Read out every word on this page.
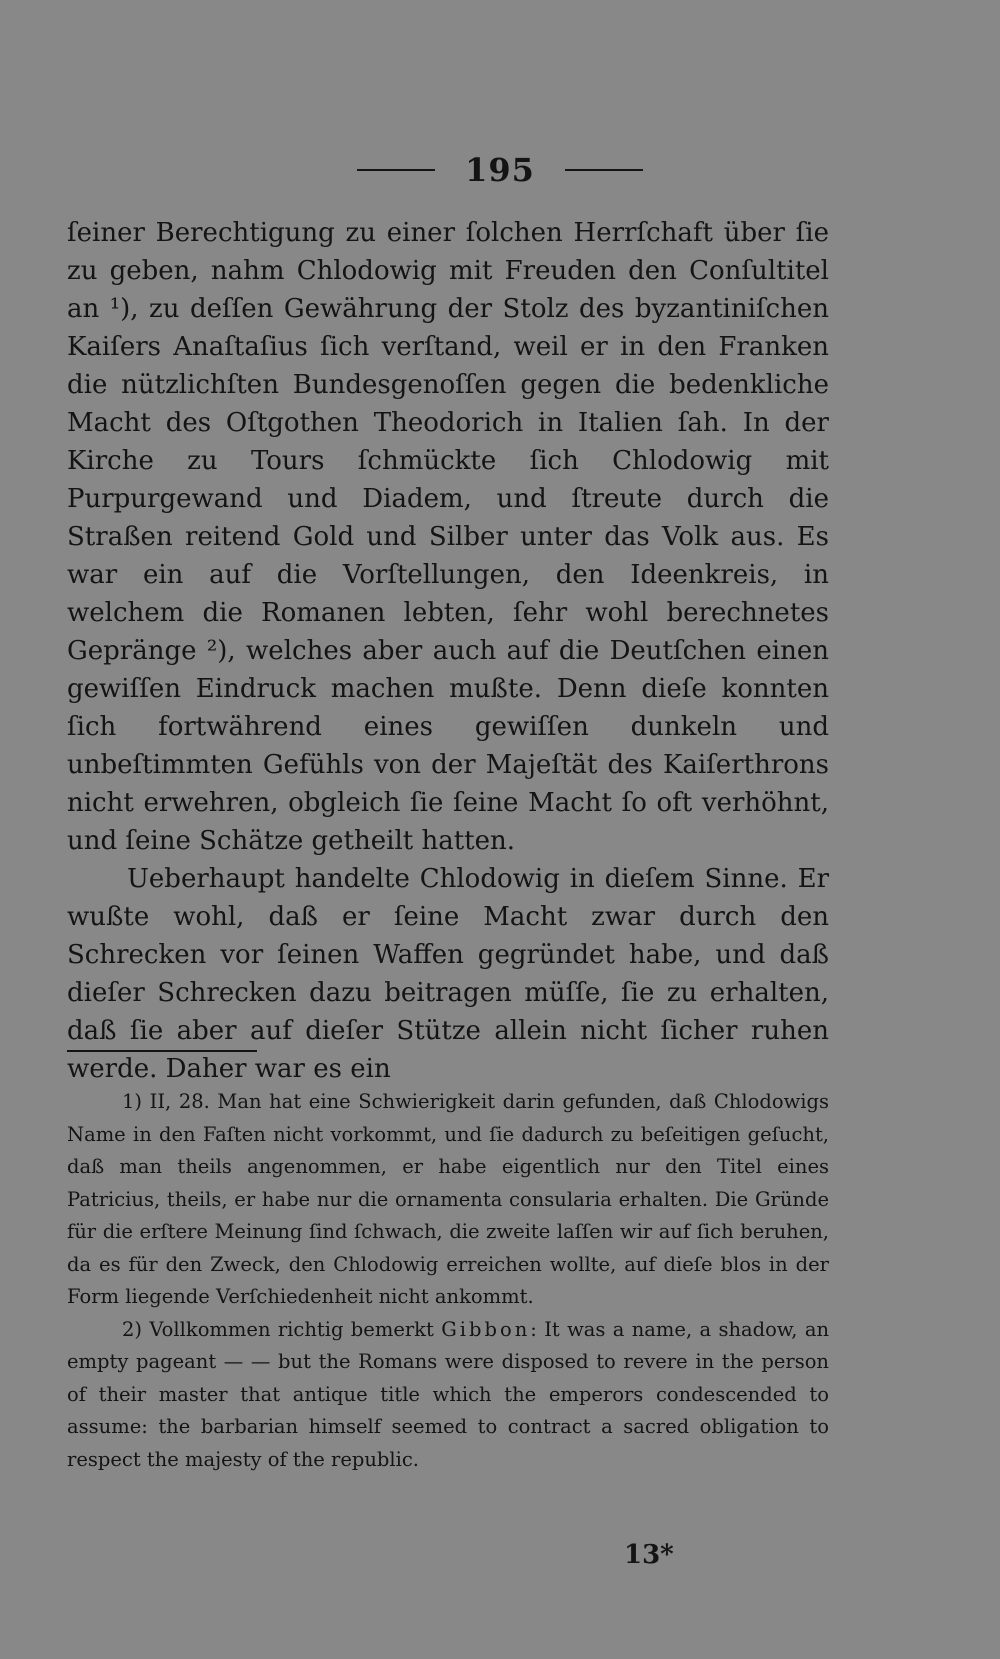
195

ſeiner Berechtigung zu einer ſolchen Herrſchaft über ſie zu geben, nahm Chlodowig mit Freuden den Conſultitel an ¹), zu deſſen Gewährung der Stolz des byzantiniſchen Kaiſers Anaſtaſius ſich verſtand, weil er in den Franken die nützlichſten Bundesgenoſſen gegen die bedenkliche Macht des Oſtgothen Theodorich in Italien ſah. In der Kirche zu Tours ſchmückte ſich Chlodowig mit Purpurgewand und Diadem, und ſtreute durch die Straßen reitend Gold und Silber unter das Volk aus. Es war ein auf die Vorſtellungen, den Ideenkreis, in welchem die Romanen lebten, ſehr wohl berechnetes Gepränge ²), welches aber auch auf die Deutſchen einen gewiſſen Eindruck machen mußte. Denn dieſe konnten ſich fortwährend eines gewiſſen dunkeln und unbeſtimmten Gefühls von der Majeſtät des Kaiſerthrons nicht erwehren, obgleich ſie ſeine Macht ſo oft verhöhnt, und ſeine Schätze getheilt hatten.

Ueberhaupt handelte Chlodowig in dieſem Sinne. Er wußte wohl, daß er ſeine Macht zwar durch den Schrecken vor ſeinen Waffen gegründet habe, und daß dieſer Schrecken dazu beitragen müſſe, ſie zu erhalten, daß ſie aber auf dieſer Stütze allein nicht ſicher ruhen werde. Daher war es ein

1) II, 28. Man hat eine Schwierigkeit darin gefunden, daß Chlodowigs Name in den Faſten nicht vorkommt, und ſie dadurch zu beſeitigen geſucht, daß man theils angenommen, er habe eigentlich nur den Titel eines Patricius, theils, er habe nur die ornamenta consularia erhalten. Die Gründe für die erſtere Meinung ſind ſchwach, die zweite laſſen wir auf ſich beruhen, da es für den Zweck, den Chlodowig erreichen wollte, auf dieſe blos in der Form liegende Verſchiedenheit nicht ankommt.

2) Vollkommen richtig bemerkt Gibbon: It was a name, a shadow, an empty pageant — — but the Romans were disposed to revere in the person of their master that antique title which the emperors condescended to assume: the barbarian himself seemed to contract a sacred obligation to respect the majesty of the republic.

13*
